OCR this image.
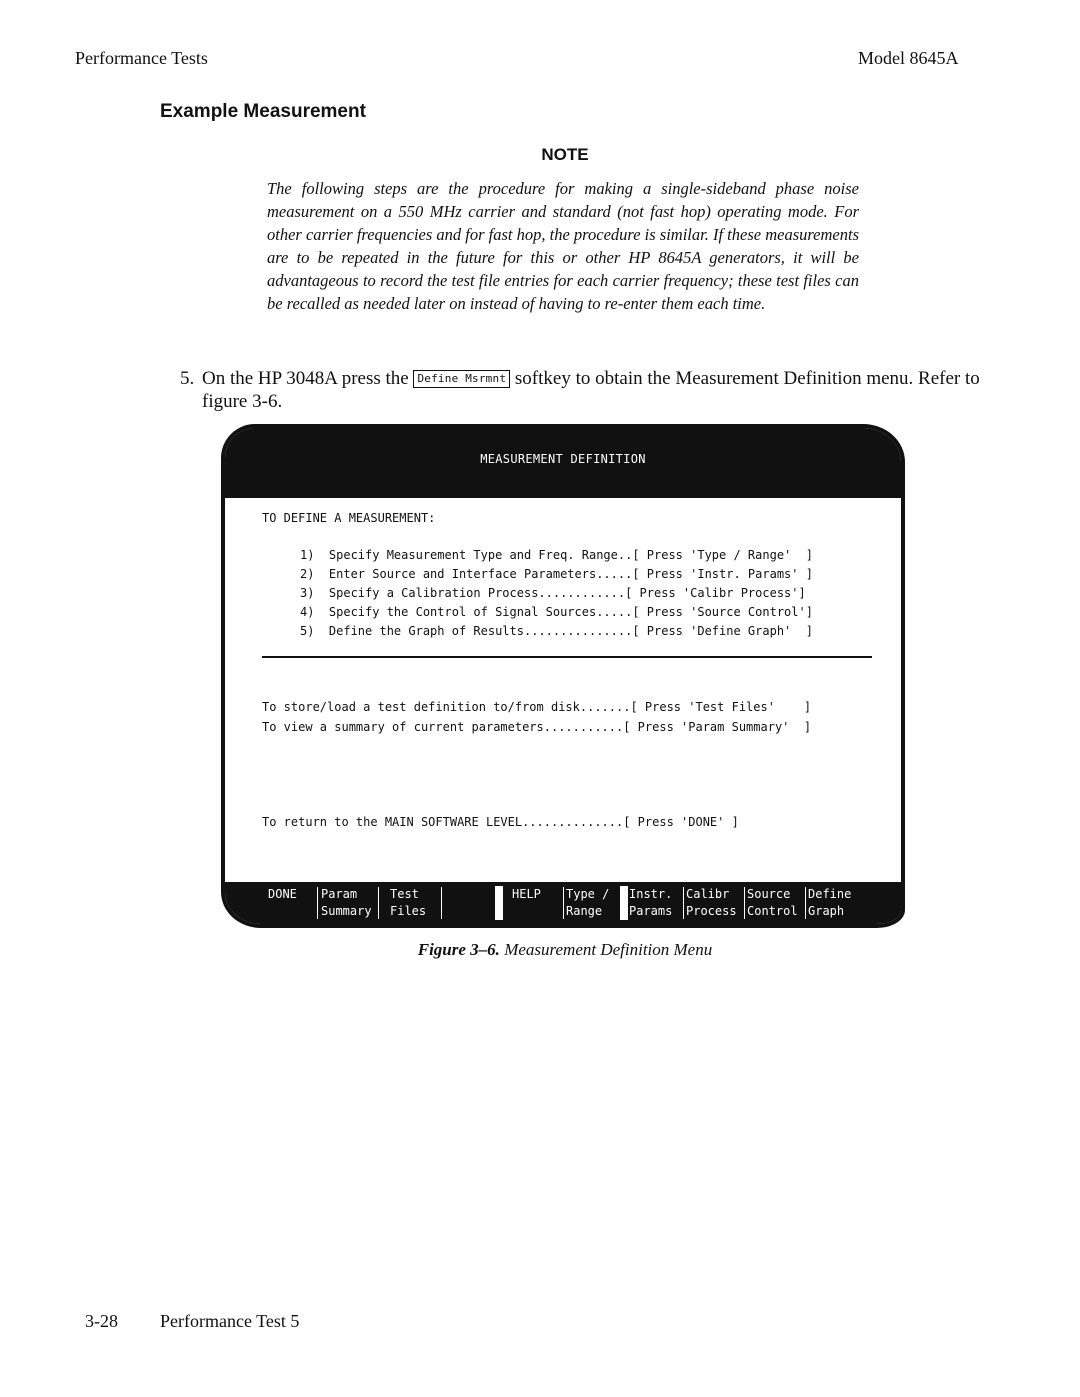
Performance Tests	Model 8645A
Example Measurement
NOTE
The following steps are the procedure for making a single-sideband phase noise measurement on a 550 MHz carrier and standard (not fast hop) operating mode. For other carrier frequencies and for fast hop, the procedure is similar. If these measurements are to be repeated in the future for this or other HP 8645A generators, it will be advantageous to record the test file entries for each carrier frequency; these test files can be recalled as needed later on instead of having to re-enter them each time.
5. On the HP 3048A press the Define Msrmnt softkey to obtain the Measurement Definition menu. Refer to figure 3-6.
MEASUREMENT DEFINITION
TO DEFINE A MEASUREMENT:
1)  Specify Measurement Type and Freq. Range..[ Press 'Type / Range'  ]
2)  Enter Source and Interface Parameters.....[ Press 'Instr. Params' ]
3)  Specify a Calibration Process............[ Press 'Calibr Process']
4)  Specify the Control of Signal Sources.....[ Press 'Source Control']
5)  Define the Graph of Results...............[ Press 'Define Graph'  ]
To store/load a test definition to/from disk.......[ Press 'Test Files'    ]
To view a summary of current parameters...........[ Press 'Param Summary'  ]
To return to the MAIN SOFTWARE LEVEL..............[ Press 'DONE' ]
DONE Param
Summary
Test
Files
HELP Type /
Range
Instr.
Params
Calibr
Process
Source
Control
Define
Graph
Figure 3–6. Measurement Definition Menu
3-28 Performance Test 5
